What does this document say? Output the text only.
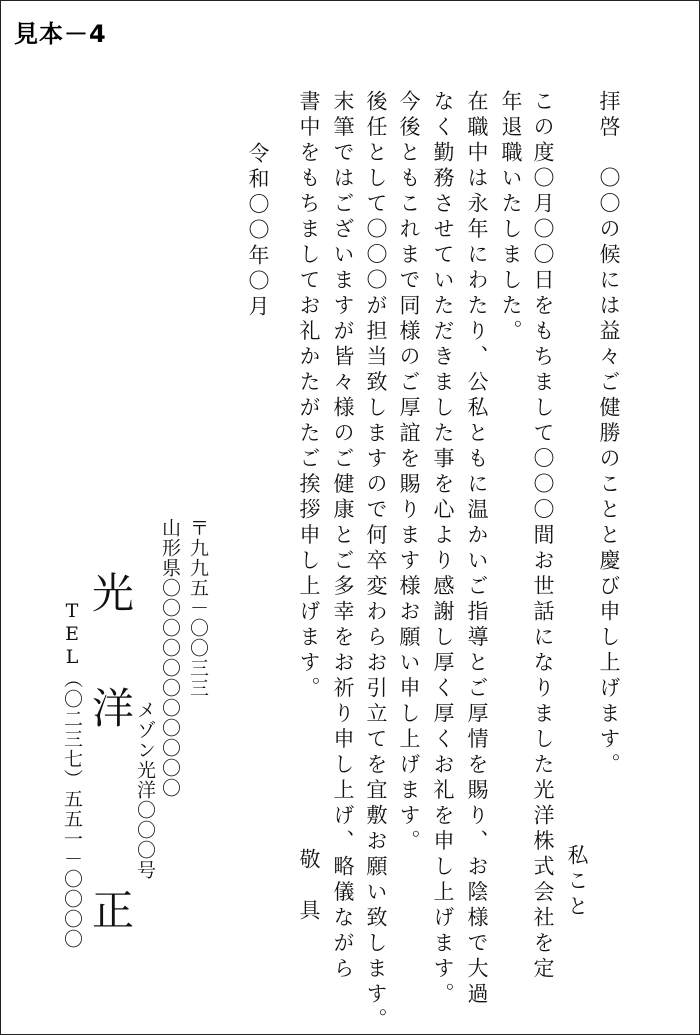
見本－4
拝啓　〇〇の候には益々ご健勝のことと慶び申し上げます。
私こと
この度〇月〇〇日をもちまして〇〇〇間お世話になりました光洋株式会社を定
年退職いたしました。
在職中は永年にわたり、公私ともに温かいご指導とご厚情を賜り、お陰様で大過
なく勤務させていただきました事を心より感謝し厚く厚くお礼を申し上げます。
今後ともこれまで同様のご厚誼を賜ります様お願い申し上げます。
後任として〇〇〇が担当致しますので何卒変わらお引立てを宜敷お願い致します。
末筆ではございますが皆々様のご健康とご多幸をお祈り申し上げ、略儀ながら
書中をもちましてお礼かたがたご挨拶申し上げます。
敬　具
令和〇〇年〇月
〒九九五－〇〇三三
山形県〇〇〇〇〇〇〇〇〇〇〇
メゾン光洋〇〇〇号
光
洋
正
TEL（〇二三七）五五一－〇〇〇〇
